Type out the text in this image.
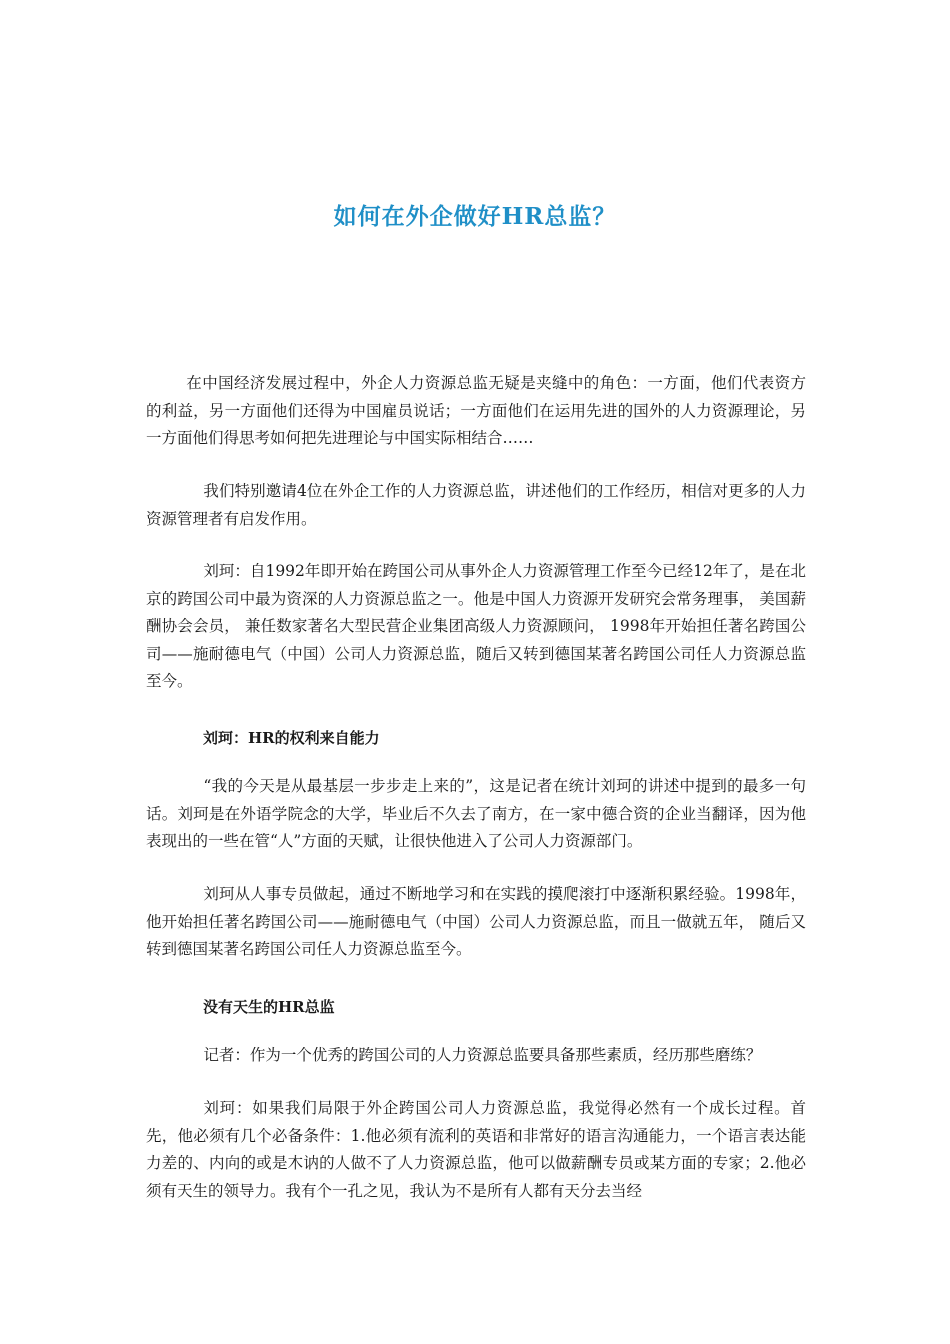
如何在外企做好HR总监？

在中国经济发展过程中，外企人力资源总监无疑是夹缝中的角色：一方面，他们代表资方的利益，另一方面他们还得为中国雇员说话；一方面他们在运用先进的国外的人力资源理论，另一方面他们得思考如何把先进理论与中国实际相结合……

我们特别邀请4位在外企工作的人力资源总监，讲述他们的工作经历，相信对更多的人力资源管理者有启发作用。

刘珂：自1992年即开始在跨国公司从事外企人力资源管理工作至今已经12年了，是在北京的跨国公司中最为资深的人力资源总监之一。他是中国人力资源开发研究会常务理事， 美国薪酬协会会员， 兼任数家著名大型民营企业集团高级人力资源顾问， 1998年开始担任著名跨国公司——施耐德电气（中国）公司人力资源总监，随后又转到德国某著名跨国公司任人力资源总监至今。

刘珂：HR的权利来自能力

“我的今天是从最基层一步步走上来的”，这是记者在统计刘珂的讲述中提到的最多一句话。刘珂是在外语学院念的大学，毕业后不久去了南方，在一家中德合资的企业当翻译，因为他表现出的一些在管“人”方面的天赋，让很快他进入了公司人力资源部门。

刘珂从人事专员做起，通过不断地学习和在实践的摸爬滚打中逐渐积累经验。1998年，他开始担任著名跨国公司——施耐德电气（中国）公司人力资源总监，而且一做就五年， 随后又转到德国某著名跨国公司任人力资源总监至今。

没有天生的HR总监

记者：作为一个优秀的跨国公司的人力资源总监要具备那些素质，经历那些磨练？

刘珂：如果我们局限于外企跨国公司人力资源总监，我觉得必然有一个成长过程。首先，他必须有几个必备条件：1.他必须有流利的英语和非常好的语言沟通能力，一个语言表达能力差的、内向的或是木讷的人做不了人力资源总监，他可以做薪酬专员或某方面的专家；2.他必须有天生的领导力。我有个一孔之见，我认为不是所有人都有天分去当经
